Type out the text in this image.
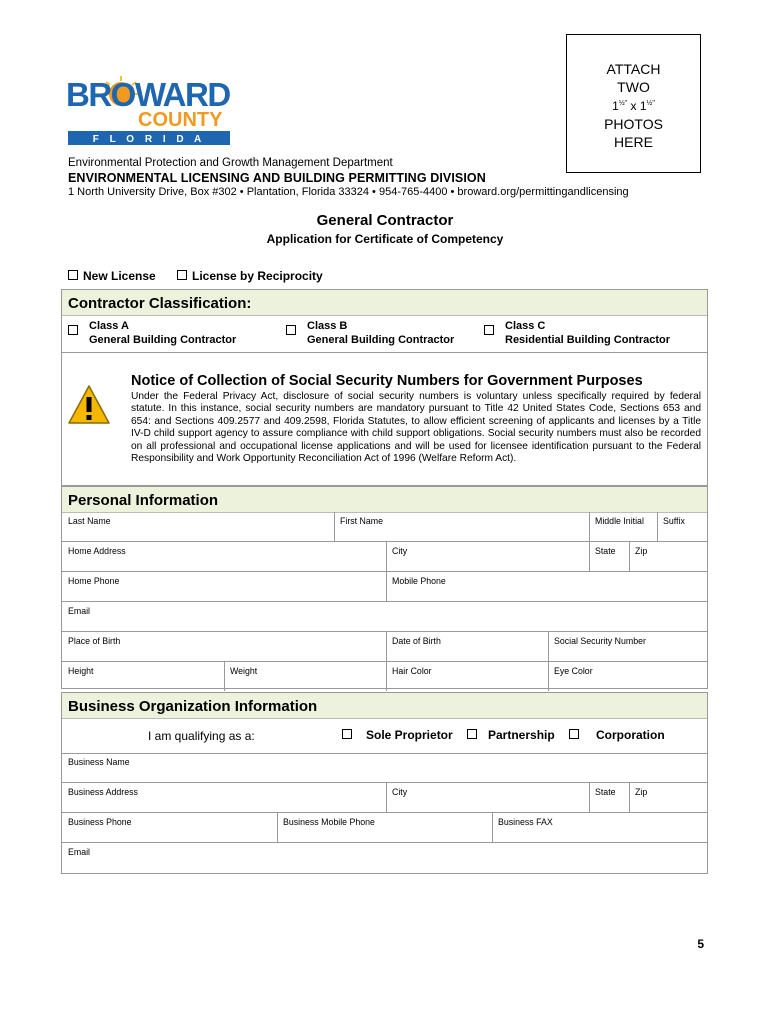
ATTACH
TWO
$1^{\frac{1}{2}"}$ x $1^{\frac{1}{2}"}$
PHOTOS
HERE
BROWARD
COUNTY
F L O R I D A
Environmental Protection and Growth Management Department
ENVIRONMENTAL LICENSING AND BUILDING PERMITTING DIVISION
1 North University Drive, Box #302 • Plantation, Florida 33324 • 954-765-4400 • broward.org/permittingandlicensing
General Contractor
Application for Certificate of Competency
New License	License by Reciprocity
Contractor Classification:
Class A
General Building Contractor
Class B
General Building Contractor
Class C
Residential Building Contractor
Notice of Collection of Social Security Numbers for Government Purposes
Under the Federal Privacy Act, disclosure of social security numbers is voluntary unless specifically required by federal statute. In this instance, social security numbers are mandatory pursuant to Title 42 United States Code, Sections 653 and 654: and Sections 409.2577 and 409.2598, Florida Statutes, to allow efficient screening of applicants and licenses by a Title IV-D child support agency to assure compliance with child support obligations. Social security numbers must also be recorded on all professional and occupational license applications and will be used for licensee identification pursuant to the Federal Responsibility and Work Opportunity Reconciliation Act of 1996 (Welfare Reform Act).
Personal Information
Last Name	First Name	Middle Initial	Suffix
Home Address	City	State	Zip
Home Phone	Mobile Phone
Email
Place of Birth	Date of Birth	Social Security Number
Height	Weight	Hair Color	Eye Color
Business Organization Information
I am qualifying as a:	Sole Proprietor	Partnership	Corporation
Business Name
Business Address	City	State	Zip
Business Phone	Business Mobile Phone	Business FAX
Email
5
